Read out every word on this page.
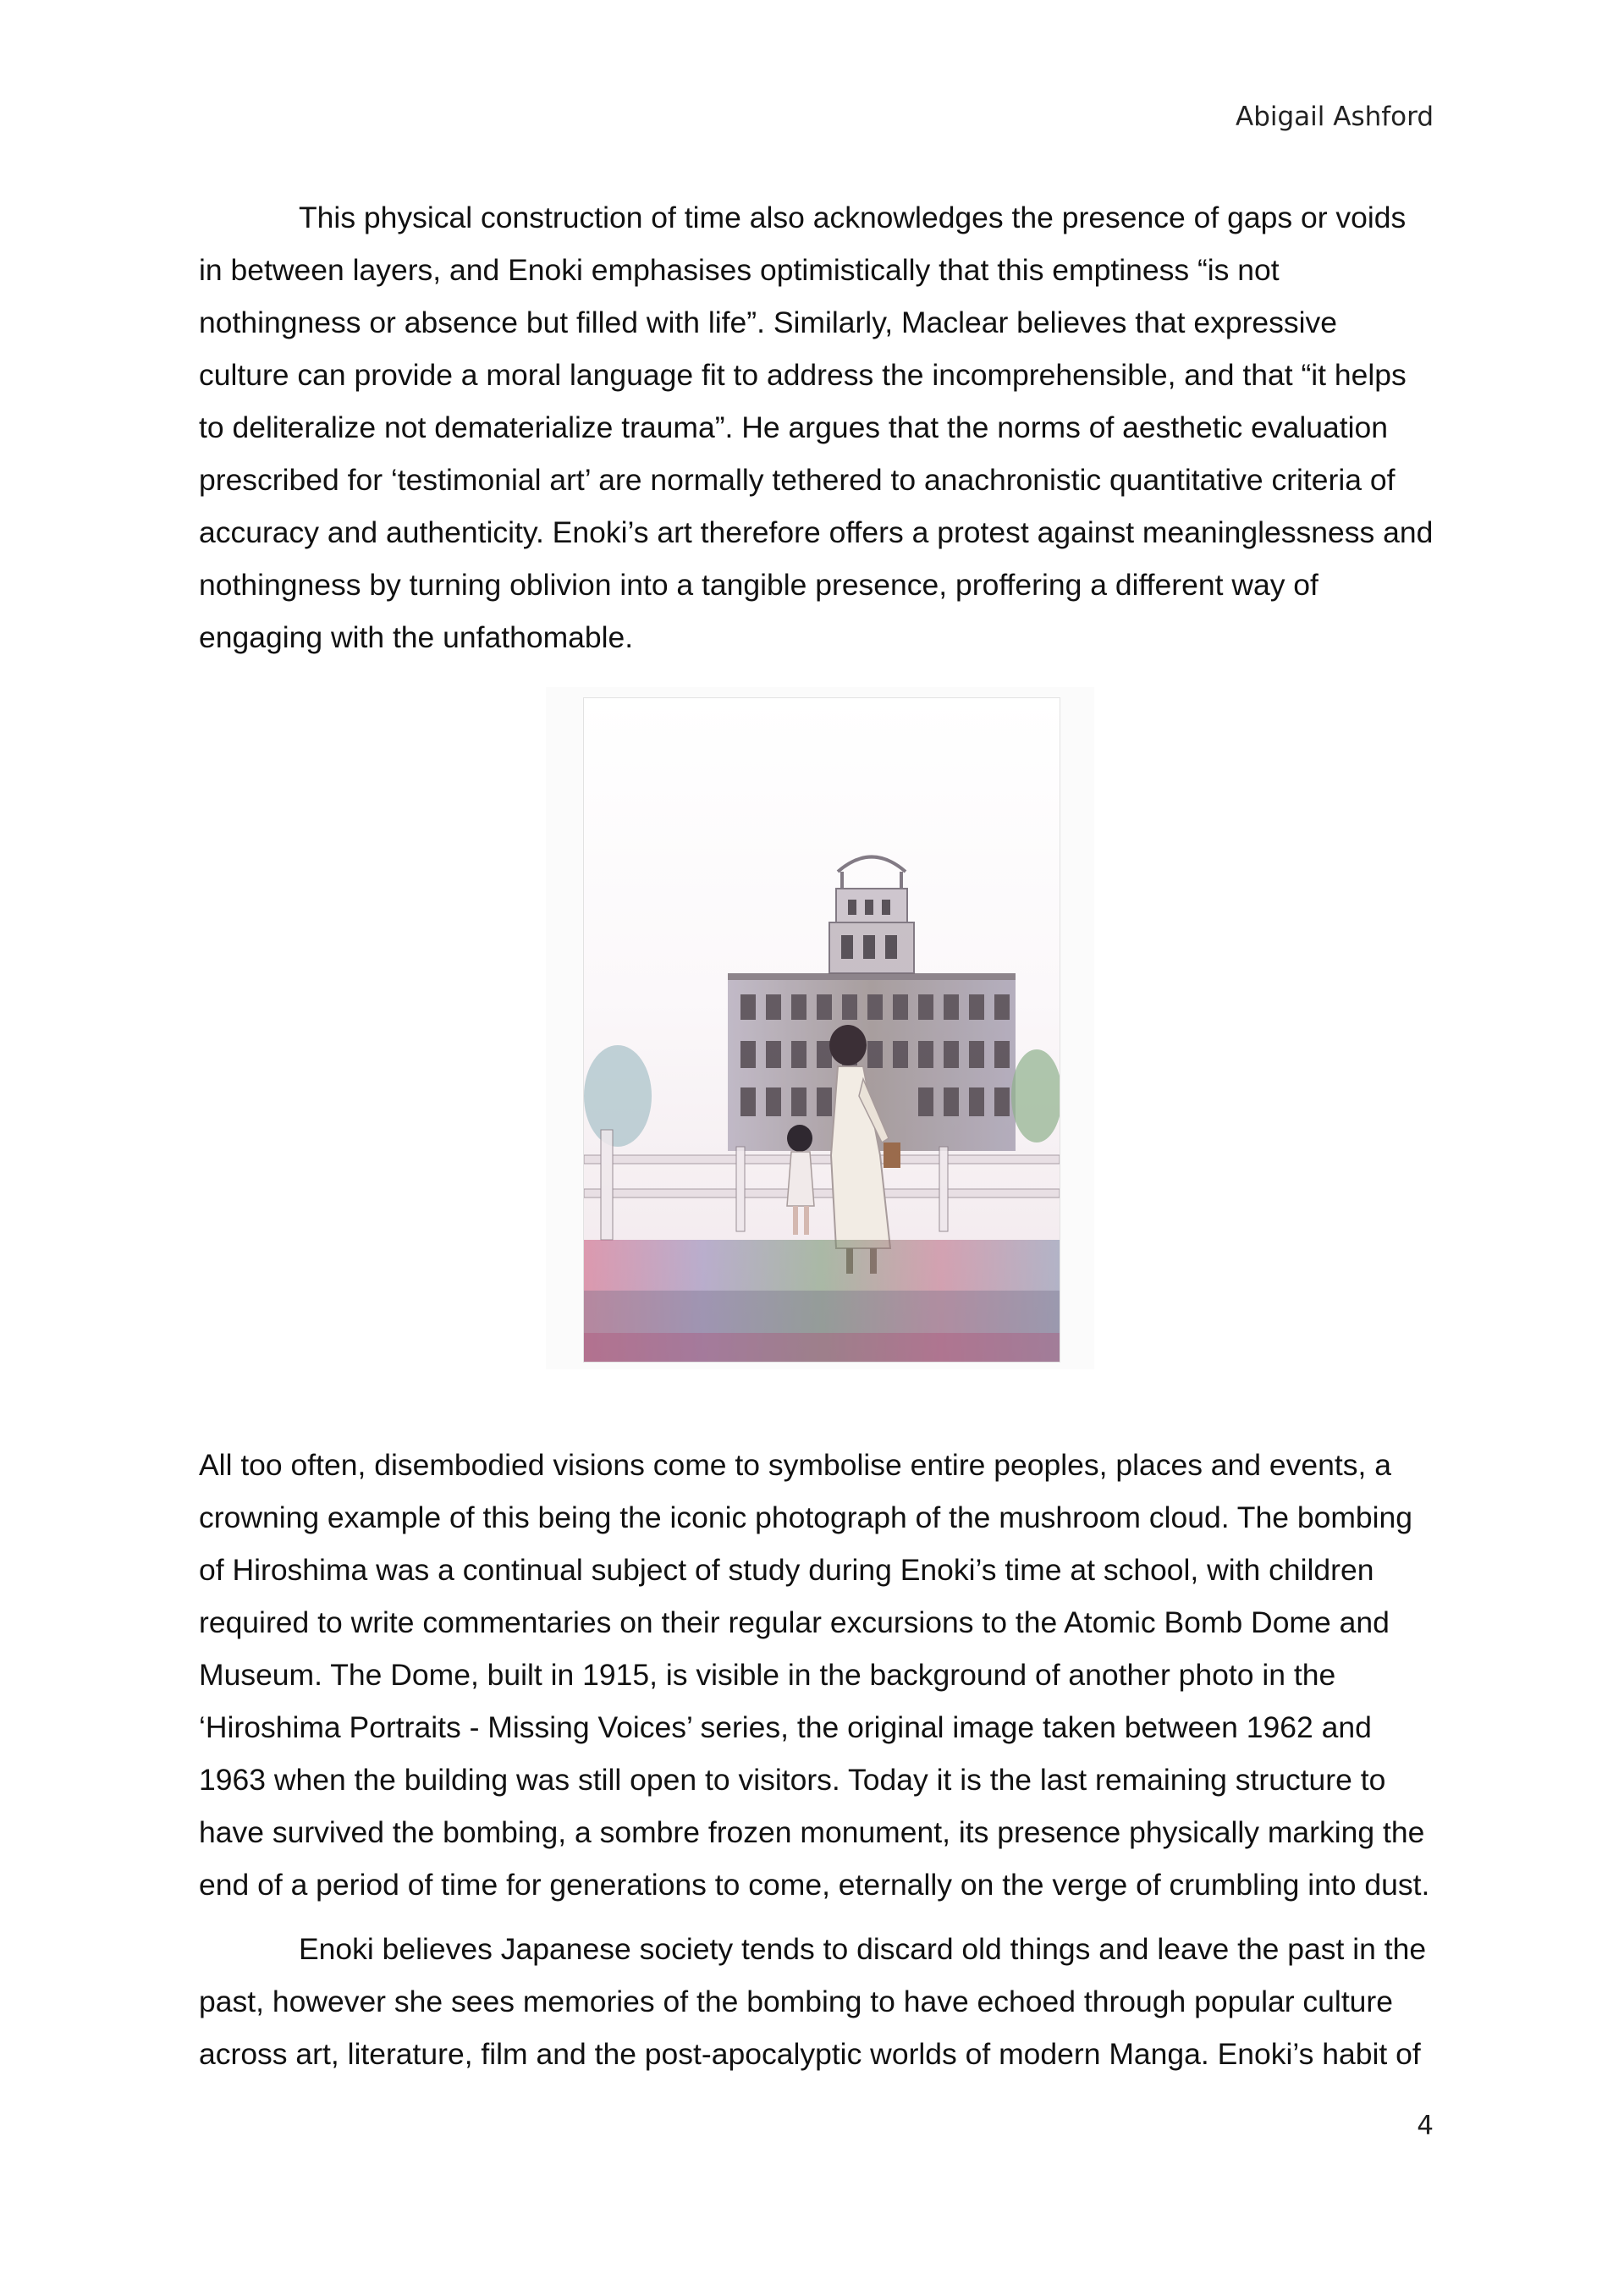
Abigail Ashford

This physical construction of time also acknowledges the presence of gaps or voids in between layers, and Enoki emphasises optimistically that this emptiness “is not nothingness or absence but filled with life”. Similarly, Maclear believes that expressive culture can provide a moral language fit to address the incomprehensible, and that “it helps to deliteralize not dematerialize trauma”. He argues that the norms of aesthetic evaluation prescribed for ‘testimonial art’ are normally tethered to anachronistic quantitative criteria of accuracy and authenticity. Enoki’s art therefore offers a protest against meaninglessness and nothingness by turning oblivion into a tangible presence, proffering a different way of engaging with the unfathomable.

All too often, disembodied visions come to symbolise entire peoples, places and events, a crowning example of this being the iconic photograph of the mushroom cloud. The bombing of Hiroshima was a continual subject of study during Enoki’s time at school, with children required to write commentaries on their regular excursions to the Atomic Bomb Dome and Museum. The Dome, built in 1915, is visible in the background of another photo in the ‘Hiroshima Portraits - Missing Voices’ series, the original image taken between 1962 and 1963 when the building was still open to visitors. Today it is the last remaining structure to have survived the bombing, a sombre frozen monument, its presence physically marking the end of a period of time for generations to come, eternally on the verge of crumbling into dust.

Enoki believes Japanese society tends to discard old things and leave the past in the past, however she sees memories of the bombing to have echoed through popular culture across art, literature, film and the post-apocalyptic worlds of modern Manga. Enoki’s habit of

4
